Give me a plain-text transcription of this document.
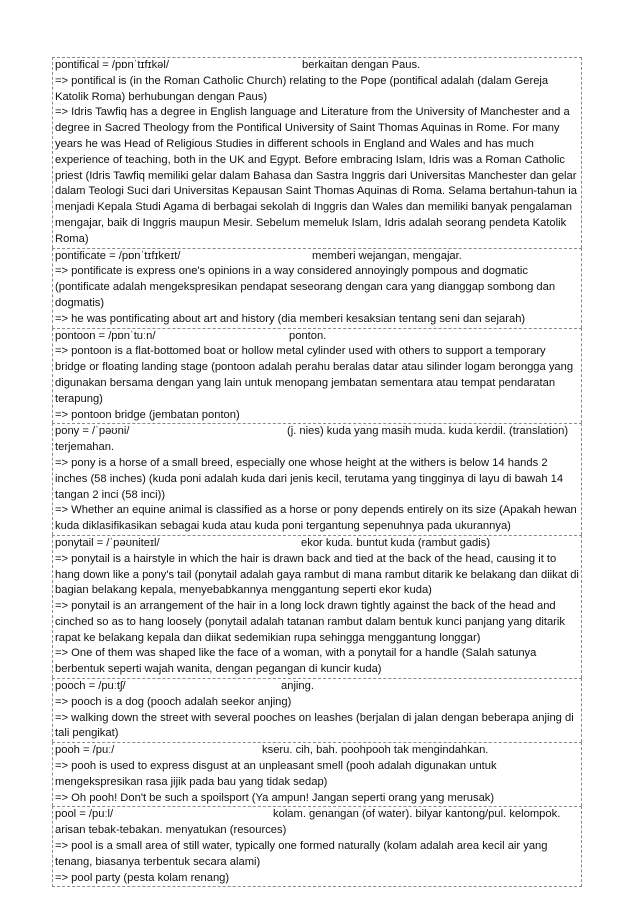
pontifical = /pɒnˈtɪfɪkəl/	berkaitan dengan Paus.
=> pontifical is (in the Roman Catholic Church) relating to the Pope (pontifical adalah (dalam Gereja Katolik Roma) berhubungan dengan Paus)
=> Idris Tawfiq has a degree in English language and Literature from the University of Manchester and a degree in Sacred Theology from the Pontifical University of Saint Thomas Aquinas in Rome. For many years he was Head of Religious Studies in different schools in England and Wales and has much experience of teaching, both in the UK and Egypt. Before embracing Islam, Idris was a Roman Catholic priest (Idris Tawfiq memiliki gelar dalam Bahasa dan Sastra Inggris dari Universitas Manchester dan gelar dalam Teologi Suci dari Universitas Kepausan Saint Thomas Aquinas di Roma. Selama bertahun-tahun ia menjadi Kepala Studi Agama di berbagai sekolah di Inggris dan Wales dan memiliki banyak pengalaman mengajar, baik di Inggris maupun Mesir. Sebelum memeluk Islam, Idris adalah seorang pendeta Katolik Roma)
pontificate = /pɒnˈtɪfɪkeɪt/	memberi wejangan, mengajar.
=> pontificate is express one's opinions in a way considered annoyingly pompous and dogmatic (pontificate adalah mengekspresikan pendapat seseorang dengan cara yang dianggap sombong dan dogmatis)
=> he was pontificating about art and history (dia memberi kesaksian tentang seni dan sejarah)
pontoon = /pɒnˈtuːn/	ponton.
=> pontoon is a flat-bottomed boat or hollow metal cylinder used with others to support a temporary bridge or floating landing stage (pontoon adalah perahu beralas datar atau silinder logam berongga yang digunakan bersama dengan yang lain untuk menopang jembatan sementara atau tempat pendaratan terapung)
=> pontoon bridge (jembatan ponton)
pony = /ˈpəʊni/	(j. nies) kuda yang masih muda. kuda kerdil. (translation) terjemahan.
=> pony is a horse of a small breed, especially one whose height at the withers is below 14 hands 2 inches (58 inches) (kuda poni adalah kuda dari jenis kecil, terutama yang tingginya di layu di bawah 14 tangan 2 inci (58 inci))
=> Whether an equine animal is classified as a horse or pony depends entirely on its size (Apakah hewan kuda diklasifikasikan sebagai kuda atau kuda poni tergantung sepenuhnya pada ukurannya)
ponytail = /ˈpəʊniteɪl/	ekor kuda. buntut kuda (rambut gadis)
=> ponytail is a hairstyle in which the hair is drawn back and tied at the back of the head, causing it to hang down like a pony's tail (ponytail adalah gaya rambut di mana rambut ditarik ke belakang dan diikat di bagian belakang kepala, menyebabkannya menggantung seperti ekor kuda)
=> ponytail is an arrangement of the hair in a long lock drawn tightly against the back of the head and cinched so as to hang loosely (ponytail adalah tatanan rambut dalam bentuk kunci panjang yang ditarik rapat ke belakang kepala dan diikat sedemikian rupa sehingga menggantung longgar)
=> One of them was shaped like the face of a woman, with a ponytail for a handle (Salah satunya berbentuk seperti wajah wanita, dengan pegangan di kuncir kuda)
pooch = /puːtʃ/	anjing.
=> pooch is a dog (pooch adalah seekor anjing)
=> walking down the street with several pooches on leashes (berjalan di jalan dengan beberapa anjing di tali pengikat)
pooh = /puː/	kseru. cih, bah. poohpooh tak mengindahkan.
=> pooh is used to express disgust at an unpleasant smell (pooh adalah digunakan untuk mengekspresikan rasa jijik pada bau yang tidak sedap)
=> Oh pooh! Don't be such a spoilsport (Ya ampun! Jangan seperti orang yang merusak)
pool = /puːl/	kolam. genangan (of water). bilyar kantong/pul. kelompok. arisan tebak-tebakan. menyatukan (resources)
=> pool is a small area of still water, typically one formed naturally (kolam adalah area kecil air yang tenang, biasanya terbentuk secara alami)
=> pool party (pesta kolam renang)
